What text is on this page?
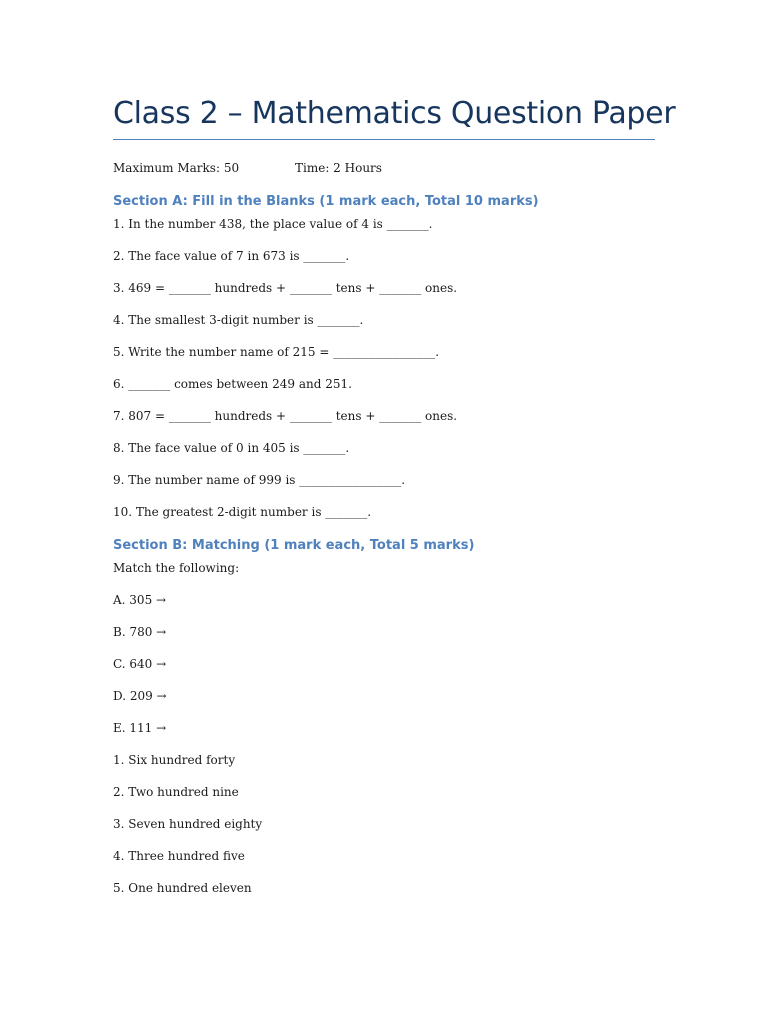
Class 2 – Mathematics Question Paper
Maximum Marks: 50	Time: 2 Hours
Section A: Fill in the Blanks (1 mark each, Total 10 marks)
1. In the number 438, the place value of 4 is _______.
2. The face value of 7 in 673 is _______.
3. 469 = _______ hundreds + _______ tens + _______ ones.
4. The smallest 3-digit number is _______.
5. Write the number name of 215 = _________________.
6. _______ comes between 249 and 251.
7. 807 = _______ hundreds + _______ tens + _______ ones.
8. The face value of 0 in 405 is _______.
9. The number name of 999 is _________________.
10. The greatest 2-digit number is _______.
Section B: Matching (1 mark each, Total 5 marks)
Match the following:
A. 305 →
B. 780 →
C. 640 →
D. 209 →
E. 111 →
1. Six hundred forty
2. Two hundred nine
3. Seven hundred eighty
4. Three hundred five
5. One hundred eleven
